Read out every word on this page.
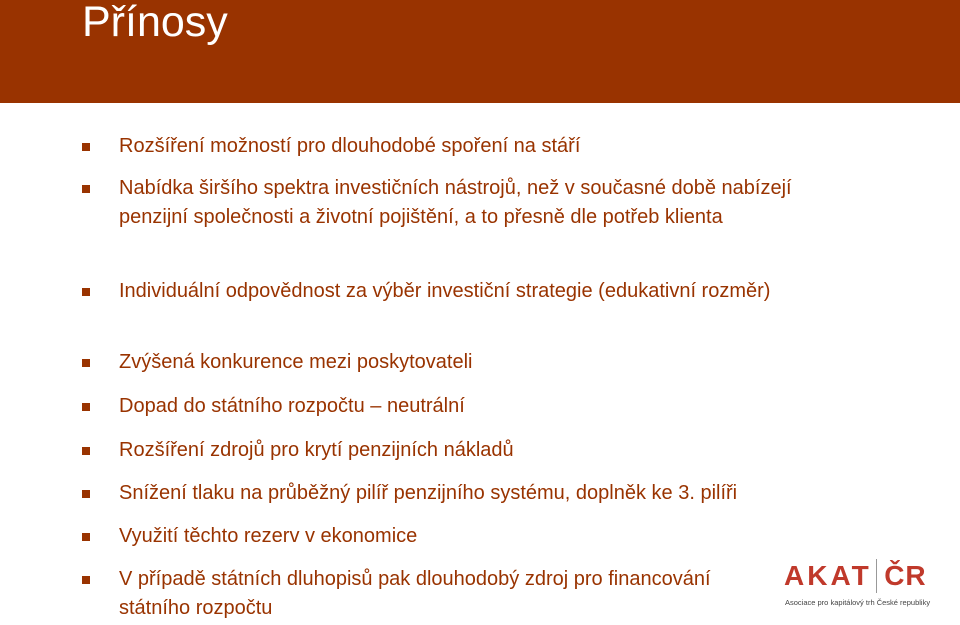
Přínosy
Rozšíření možností pro dlouhodobé spoření na stáří
Nabídka širšího spektra investičních nástrojů, než v současné době nabízejí penzijní společnosti a životní pojištění, a to přesně dle potřeb klienta
Individuální odpovědnost za výběr investiční strategie (edukativní rozměr)
Zvýšená konkurence mezi poskytovateli
Dopad do státního rozpočtu – neutrální
Rozšíření zdrojů pro krytí penzijních nákladů
Snížení tlaku na průběžný pilíř penzijního systému, doplněk ke 3. pilíři
Využití těchto rezerv v ekonomice
V případě státních dluhopisů pak dlouhodobý zdroj pro financování státního rozpočtu
AKAT ČR
Asociace pro kapitálový trh České republiky
